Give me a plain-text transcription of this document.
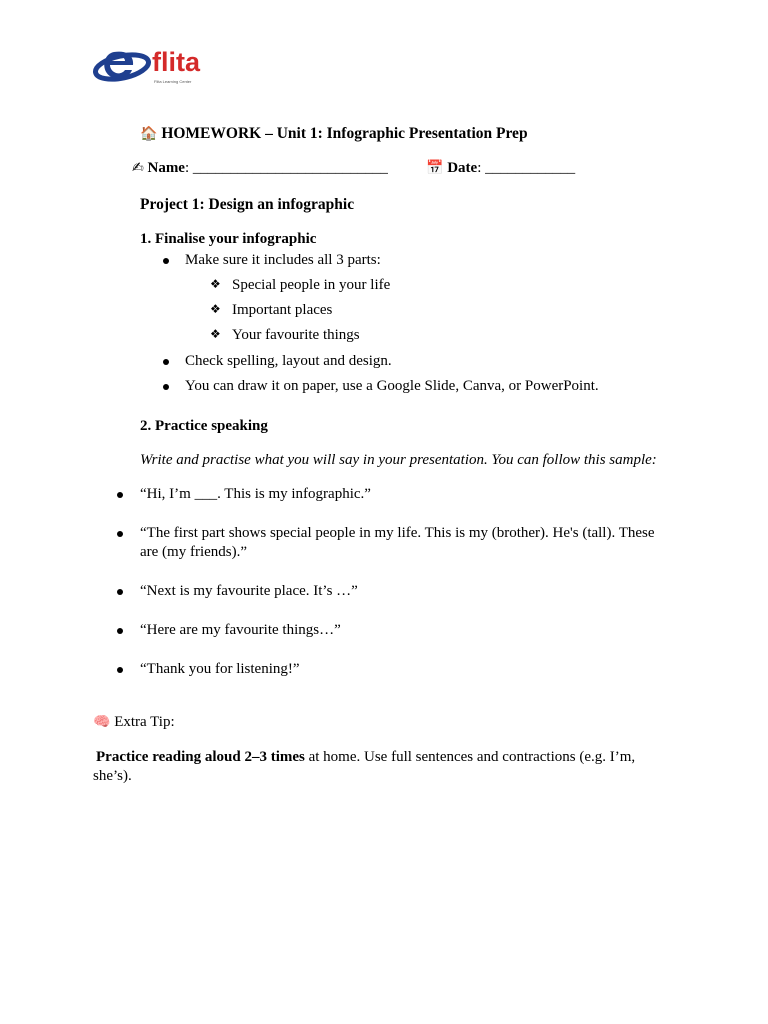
flita
Flita Learning Center
🏠 HOMEWORK – Unit 1: Infographic Presentation Prep
✍ Name: __________________________	📅 Date: ____________
Project 1: Design an infographic
1. Finalise your infographic
Make sure it includes all 3 parts:
❖ Special people in your life
❖ Important places
❖ Your favourite things
Check spelling, layout and design.
You can draw it on paper, use a Google Slide, Canva, or PowerPoint.
2. Practice speaking
Write and practise what you will say in your presentation. You can follow this sample:
“Hi, I’m ___. This is my infographic.”
“The first part shows special people in my life. This is my (brother). He's (tall). These
are (my friends).”
“Next is my favourite place. It’s …”
“Here are my favourite things…”
“Thank you for listening!”
🧠 Extra Tip:
Practice reading aloud 2–3 times at home. Use full sentences and contractions (e.g. I’m,
she’s).
